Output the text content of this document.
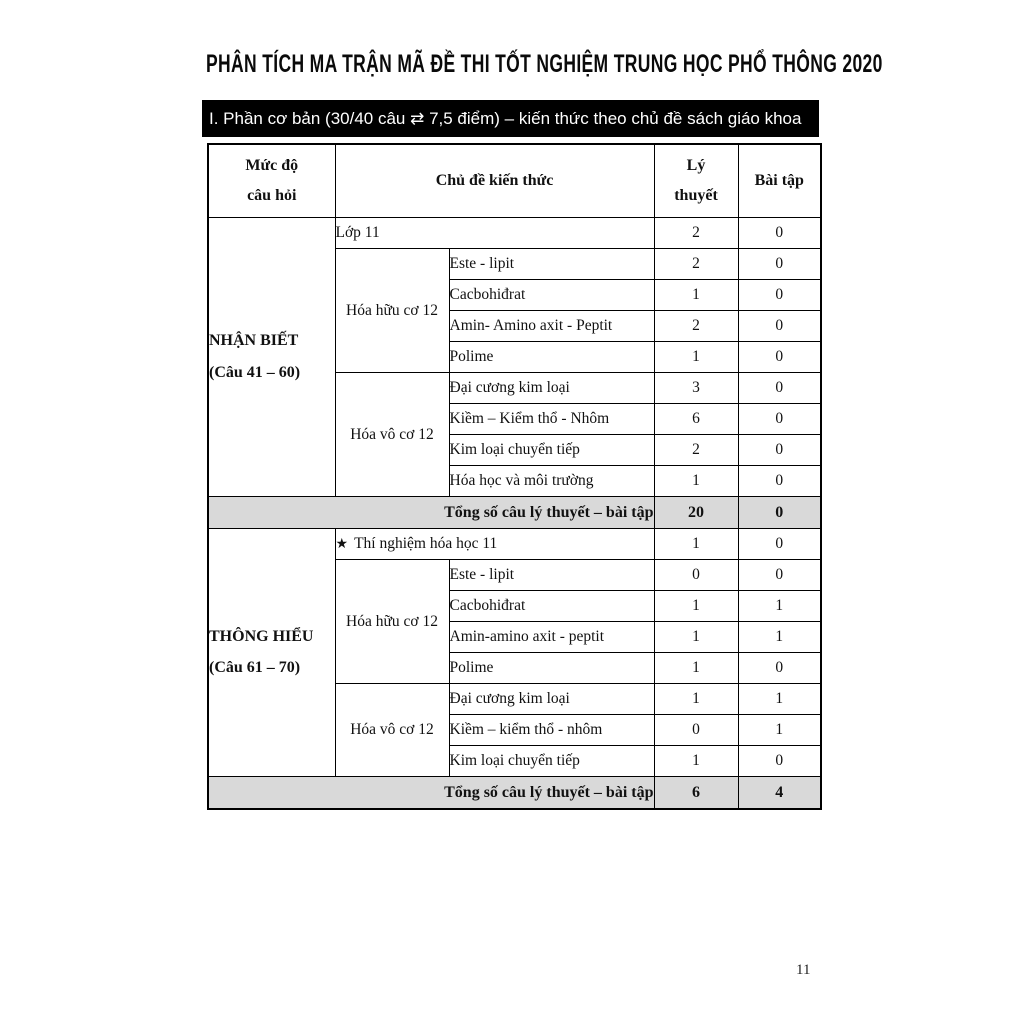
PHÂN TÍCH MA TRẬN MÃ ĐỀ THI TỐT NGHIỆM TRUNG HỌC PHỔ THÔNG 2020
I. Phần cơ bản (30/40 câu ⇄ 7,5 điểm) – kiến thức theo chủ đề sách giáo khoa
Mức độ
câu hỏi	Chủ đề kiến thức		Lý
thuyết	Bài tập

NHẬN BIẾT
(Câu 41 – 60)	Lớp 11		2	0
	Hóa hữu cơ 12	Este - lipit	2	0
		Cacbohiđrat	1	0
		Amin- Amino axit - Peptit	2	0
		Polime	1	0
	Hóa vô cơ 12	Đại cương kim loại	3	0
		Kiềm – Kiểm thổ - Nhôm	6	0
		Kim loại chuyển tiếp	2	0
		Hóa học và môi trường	1	0
Tổng số câu lý thuyết – bài tập			20	0

THÔNG HIỂU
(Câu 61 – 70)	★ Thí nghiệm hóa học 11		1	0
	Hóa hữu cơ 12	Este - lipit	0	0
		Cacbohiđrat	1	1
		Amin-amino axit - peptit	1	1
		Polime	1	0
	Hóa vô cơ 12	Đại cương kim loại	1	1
		Kiềm – kiểm thổ - nhôm	0	1
		Kim loại chuyển tiếp	1	0
Tổng số câu lý thuyết – bài tập			6	4
11
